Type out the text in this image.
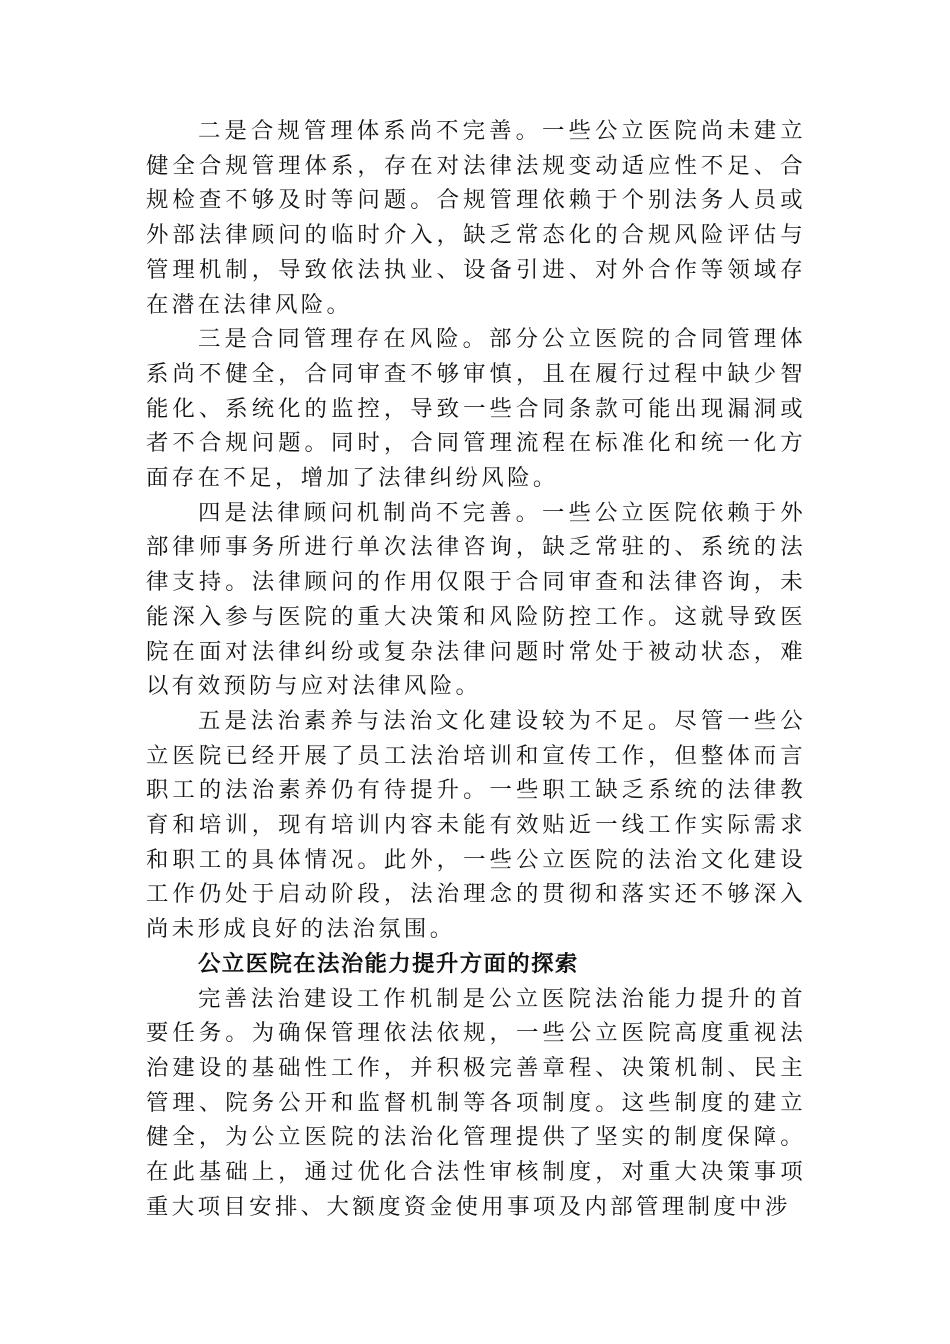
二是合规管理体系尚不完善。一些公立医院尚未建立健全合规管理体系，存在对法律法规变动适应性不足、合规检查不够及时等问题。合规管理依赖于个别法务人员或外部法律顾问的临时介入，缺乏常态化的合规风险评估与管理机制，导致依法执业、设备引进、对外合作等领域存在潜在法律风险。

三是合同管理存在风险。部分公立医院的合同管理体系尚不健全，合同审查不够审慎，且在履行过程中缺少智能化、系统化的监控，导致一些合同条款可能出现漏洞或者不合规问题。同时，合同管理流程在标准化和统一化方面存在不足，增加了法律纠纷风险。

四是法律顾问机制尚不完善。一些公立医院依赖于外部律师事务所进行单次法律咨询，缺乏常驻的、系统的法律支持。法律顾问的作用仅限于合同审查和法律咨询，未能深入参与医院的重大决策和风险防控工作。这就导致医院在面对法律纠纷或复杂法律问题时常处于被动状态，难以有效预防与应对法律风险。

五是法治素养与法治文化建设较为不足。尽管一些公立医院已经开展了员工法治培训和宣传工作，但整体而言职工的法治素养仍有待提升。一些职工缺乏系统的法律教育和培训，现有培训内容未能有效贴近一线工作实际需求和职工的具体情况。此外，一些公立医院的法治文化建设工作仍处于启动阶段，法治理念的贯彻和落实还不够深入尚未形成良好的法治氛围。

公立医院在法治能力提升方面的探索

完善法治建设工作机制是公立医院法治能力提升的首要任务。为确保管理依法依规，一些公立医院高度重视法治建设的基础性工作，并积极完善章程、决策机制、民主管理、院务公开和监督机制等各项制度。这些制度的建立健全，为公立医院的法治化管理提供了坚实的制度保障。在此基础上，通过优化合法性审核制度，对重大决策事项重大项目安排、大额度资金使用事项及内部管理制度中涉
